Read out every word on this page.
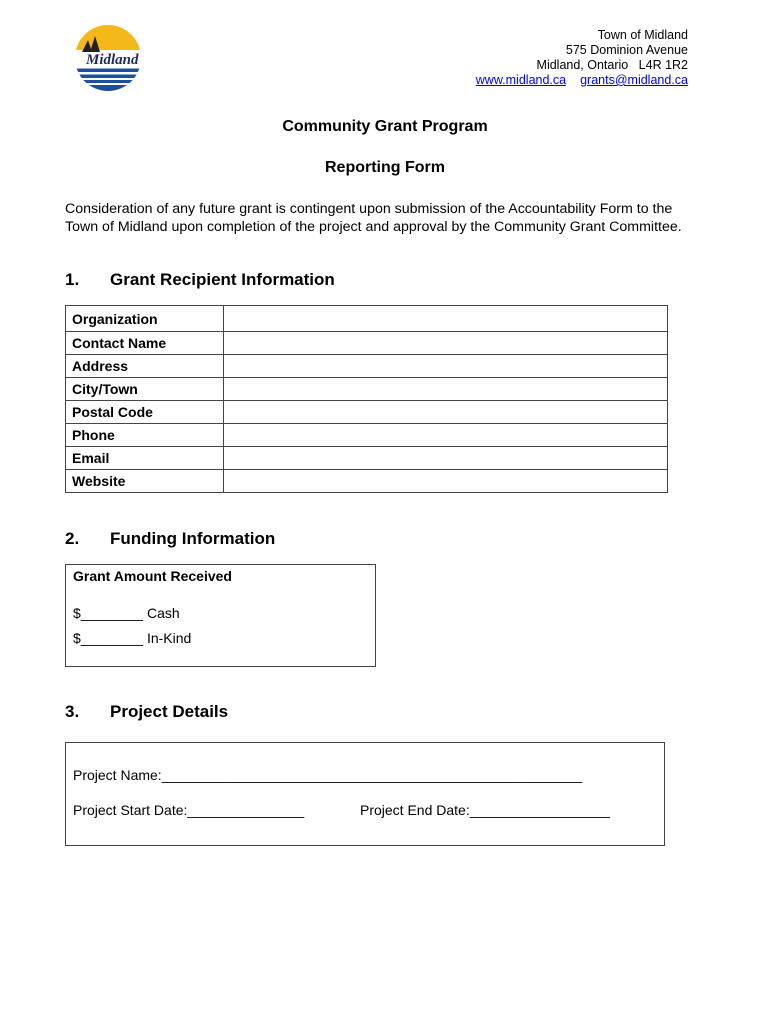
Midland
Town of Midland
575 Dominion Avenue
Midland, Ontario   L4R 1R2
www.midland.ca grants@midland.ca
Community Grant Program
Reporting Form
Consideration of any future grant is contingent upon submission of the Accountability Form to the Town of Midland upon completion of the project and approval by the Community Grant Committee.
1. Grant Recipient Information
Organization	
Contact Name	
Address	
City/Town	
Postal Code	
Phone	
Email	
Website	
2. Funding Information
Grant Amount Received
$________ Cash
$________ In-Kind
3. Project Details
Project Name:______________________________________________________
Project Start Date:_______________	Project End Date:__________________
